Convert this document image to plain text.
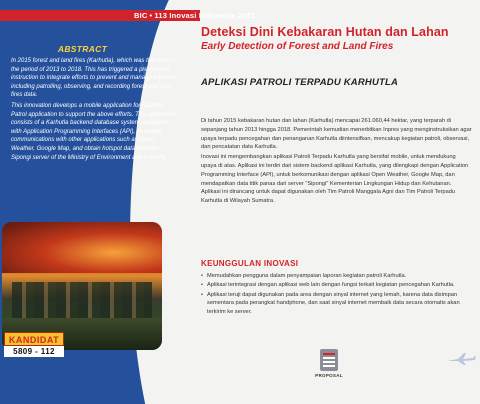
BIC • 113 Inovasi Indonesia 2021
ABSTRACT

In 2015 forest and land fires (Karhutla), which was the worst in the period of 2013 to 2018. This has triggered a presidential instruction to integrate efforts to prevent and manage Karhutla, including patrolling, observing, and recording forest and land fires data.

This innovation develops a mobile application for Karhutla Patrol application to support the above efforts. This application consists of a Karhutla backend database system, equipped with Application Programming Interfaces (API), to enable communications with other applications such as Open Weather, Google Map, and obtain hotspot data from the Sipongi server of the Ministry of Environment and Forestry.

KANDIDAT
5809 - 112
Deteksi Dini Kebakaran Hutan dan Lahan
Early Detection of Forest and Land Fires
APLIKASI PATROLI TERPADU KARHUTLA

Di tahun 2015 kebakaran hutan dan lahan (Karhutla) mencapai 261.060,44 hektar, yang terparah di sepanjang tahun 2013 hingga 2018. Pemerintah kemudian menerbitkan Inpres yang menginstruksikan agar upaya terpadu pencegahan dan penanganan Karhutla diintensifkan, mencakup kegiatan patroli, observasi, dan pencatatan data Karhutla.

Inovasi ini mengembangkan aplikasi Patroli Terpadu Karhutla yang bersifat mobile, untuk mendukung upaya di atas. Aplikasi ini terdiri dari sistem backend aplikasi Karhutla, yang dilengkapi dengan Application Programming Interface (API), untuk berkomunikasi dengan aplikasi Open Weather, Google Map, dan mendapatkan data titik panas dari server "Sipongi" Kementerian Lingkungan Hidup dan Kehutanan. Aplikasi ini dirancang untuk dapat digunakan oleh Tim Patroli Manggala Agni dan Tim Patroli Terpadu Karhutla di Wilayah Sumatra.

KEUNGGULAN INOVASI
• Memudahkan pengguna dalam penyampaian laporan kegiatan patroli Karhutla.
• Aplikasi terintegrasi dengan aplikasi web lain dengan fungsi terkait kegiatan pencegahan Karhutla.
• Aplikasi teruji dapat digunakan pada area dengan sinyal internet yang lemah, karena data disimpan sementara pada perangkat handphone, dan saat sinyal internet membaik data secara otomatis akan terkirim ke server.
PROPOSAL
